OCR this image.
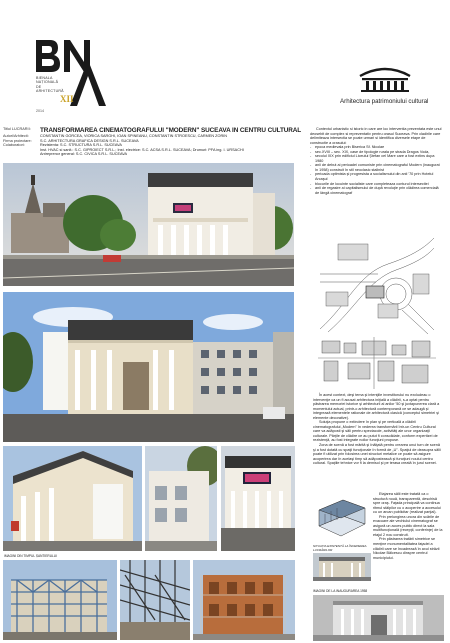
BIENALA
NAȚIONALĂ
DE
ARHITECTURĂ
2014
XII	Arhitectura patrimoniului cultural
Titlul LUCRARII:	TRANSFORMAREA CINEMATOGRAFULUI "MODERN" SUCEAVA IN CENTRU CULTURAL
Autori/Arhitecti:	CONSTANTIN GORCEA, VIORICA SARGHI, IOAN SPINEANU, CONSTANTIN STROESCU, CARMEN ZORIN
Firma proiectare:	S.C. ARHITECTURA GRAFICA DESIGN S.R.L. SUCEAVA
Colaboratori:	Rezistenta: S.C. STRUCTURA S.R.L. SUCEAVA
Inst. HVAC si sanit.: S.C. GIPROIECT S.R.L.; Inst. electrice: S.C. ACSA S.R.L. SUCEAVA; Drumuri: PFA ing. I. URSACHI
Antreprenor general: S.C. CIVICA S.R.L. SUCEAVA

Contextul urbanistic si istoric in care are loc interventia prezentata este unul deosebit de complex si reprezentativ pentru orasul Suceava. Prin cladirile care delimiteaza intersectia se poate urmari si identifica diversele etape de constructie a orasului:

- epoca medievala prin Biserica Sf. Nicolae
- sec.XVIII – sec. XIX, case de tipologie rurala pe strada Dragos Voda,
- secolul XIX prin edificiul Liceului Ştefan cel Mare care a fost extins dupa 1980
- anii de debut ai perioadei comuniste prin cinematograful Modern (inaugurat în 1958) construit în stil neoclasic stalinist
- perioada optimista şi progresista a socialismului din anii '70 prin Hotelul Arcaşul
- blocurile de locuinte socialiste care completeaza conturul intersectiei
- anii de regasire ai capitalismului de după revoluţie prin clădirea comercială de lângă cinematograf
IMAGINI DIN TIMPUL ȘANTIERULUI

În acest context, deşi tema şi intenţiile investitorului nu excludeau o intervenţie ca un fi acusat arhitectura iniţială a clădirii, s-a optat pentru păstrarea memoriei istorice şi arhitecturii al anilor '50 şi juxtapunerea clară a momentului actual, printr-o arhitectură contemporană ce se adaugă şi integrează elementele rationale de arhitectură clasică (conceptul simetriei şi elemente decorative).

Soluţia propune o extindere în plan şi pe verticală a clădirii cinematografului „Modern" în vederea transformării într-un Centru Cultural care va adăposti şi săli pentru spectacole, activităţi ale unor organizaţii culturale. Părţile de clădire ce au putut fi consolidate, conform expertizei de rezistenţă, au fost integrate noilor funcţiuni propuse.

Zona de scenă a fost mărită şi înălţată pentru crearea unui turn de scenă şi a fost dotată cu spaţii funcţionale în formă de „U". Spaţiul de deasupra sălii poate fi utilizat prin folosirea unei structuri metalice ce poate să asigure acoperirea dar în acelaşi timp să adăpostească şi funcţiuni noului centru cultural. Spaţiile tehnice vor fi la demisol şi pe terasa creată în jurul scenei.

SITUAȚIA EXISTENTĂ LA ÎNCEPEREA LUCRĂRILOR

Etajarea sălii este tratată ca o structură nouă, transparentă, deschisă spre oraş. Faţada principală va continua ritmul stâlpilor cu o acoperire a accesului cu un arcan publicitar (realizat parţial).

Prin prelungirea unora din scările de evacuare ale vechiului cinematograf se asigură un acces public direct la sala multifuncţională (recepţii, conferinţe) de la etajul 2 nou construit.

Prin păstrarea tratării simetrice se menţine monumentalitatea faţadei a clădirii care se încadrează în axul străzii Nicolae Bălcescu dinspre centrul municipiului.

IMAGINI DE LA INAUGURAREA 1958
